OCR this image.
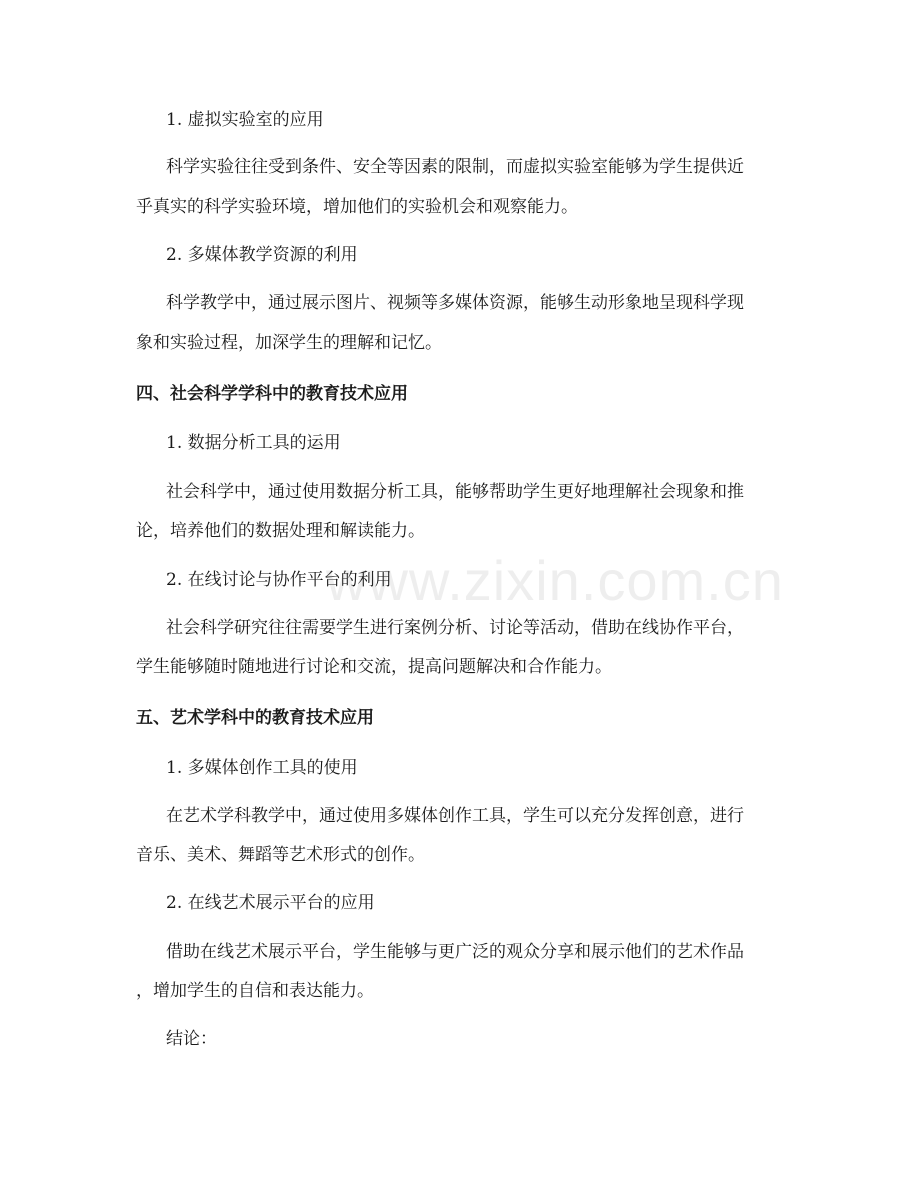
1. 虚拟实验室的应用
科学实验往往受到条件、安全等因素的限制，而虚拟实验室能够为学生提供近
乎真实的科学实验环境，增加他们的实验机会和观察能力。
2. 多媒体教学资源的利用
科学教学中，通过展示图片、视频等多媒体资源，能够生动形象地呈现科学现
象和实验过程，加深学生的理解和记忆。
四、社会科学学科中的教育技术应用
1. 数据分析工具的运用
社会科学中，通过使用数据分析工具，能够帮助学生更好地理解社会现象和推
论，培养他们的数据处理和解读能力。
2. 在线讨论与协作平台的利用
社会科学研究往往需要学生进行案例分析、讨论等活动，借助在线协作平台，
学生能够随时随地进行讨论和交流，提高问题解决和合作能力。
五、艺术学科中的教育技术应用
1. 多媒体创作工具的使用
在艺术学科教学中，通过使用多媒体创作工具，学生可以充分发挥创意，进行
音乐、美术、舞蹈等艺术形式的创作。
2. 在线艺术展示平台的应用
借助在线艺术展示平台，学生能够与更广泛的观众分享和展示他们的艺术作品
，增加学生的自信和表达能力。
结论：
www.zixin.com.cn
